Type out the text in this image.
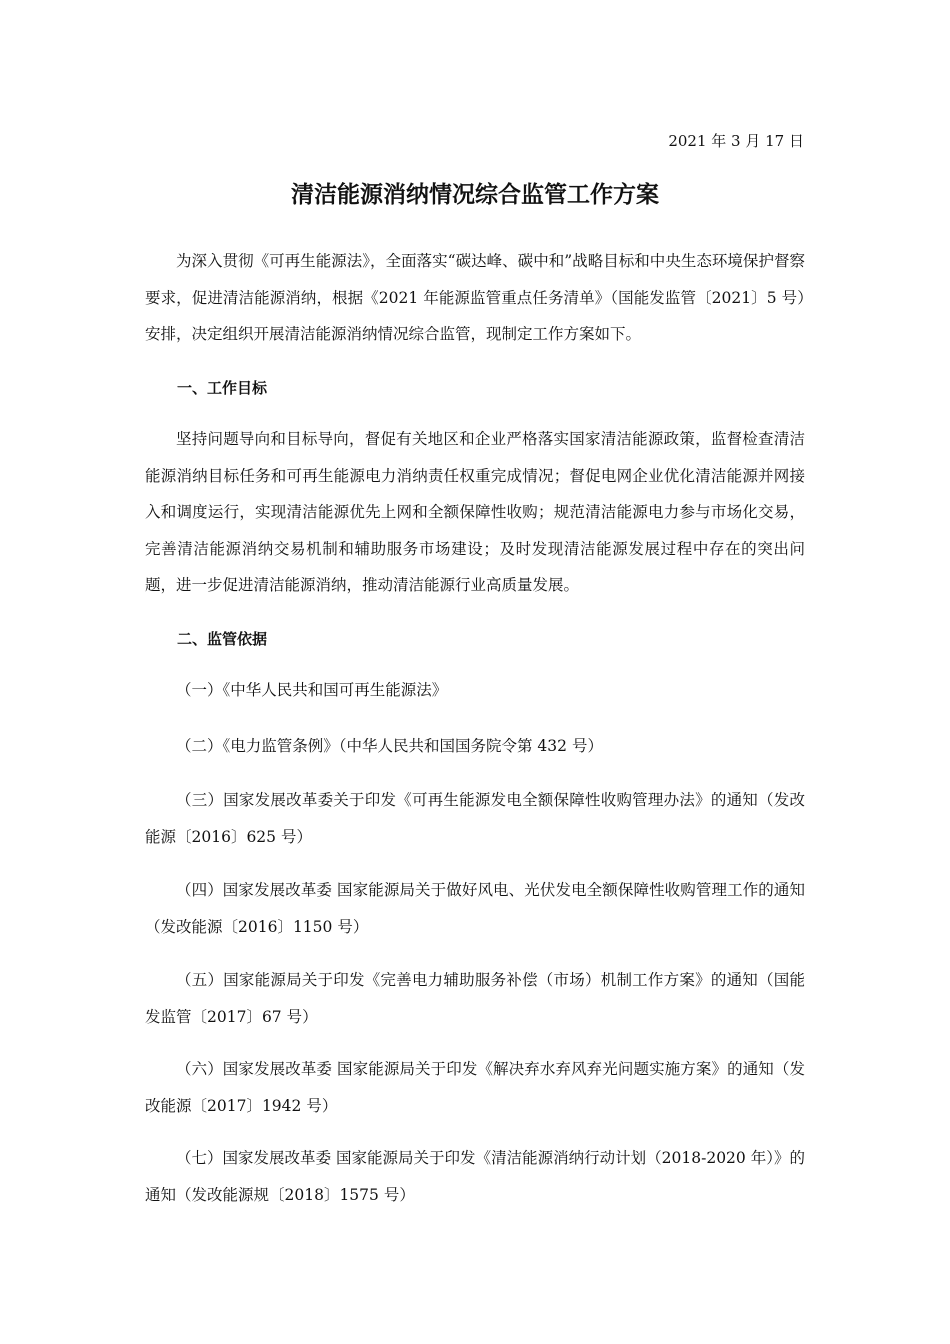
2021 年 3 月 17 日
清洁能源消纳情况综合监管工作方案

为深入贯彻《可再生能源法》，全面落实“碳达峰、碳中和”战略目标和中央生态环境保护督察要求，促进清洁能源消纳，根据《2021 年能源监管重点任务清单》（国能发监管〔2021〕5 号）安排，决定组织开展清洁能源消纳情况综合监管，现制定工作方案如下。

一、工作目标

坚持问题导向和目标导向，督促有关地区和企业严格落实国家清洁能源政策，监督检查清洁能源消纳目标任务和可再生能源电力消纳责任权重完成情况；督促电网企业优化清洁能源并网接入和调度运行，实现清洁能源优先上网和全额保障性收购；规范清洁能源电力参与市场化交易，完善清洁能源消纳交易机制和辅助服务市场建设；及时发现清洁能源发展过程中存在的突出问题，进一步促进清洁能源消纳，推动清洁能源行业高质量发展。

二、监管依据

（一）《中华人民共和国可再生能源法》

（二）《电力监管条例》（中华人民共和国国务院令第 432 号）

（三）国家发展改革委关于印发《可再生能源发电全额保障性收购管理办法》的通知（发改能源〔2016〕625 号）

（四）国家发展改革委 国家能源局关于做好风电、光伏发电全额保障性收购管理工作的通知（发改能源〔2016〕1150 号）

（五）国家能源局关于印发《完善电力辅助服务补偿（市场）机制工作方案》的通知（国能发监管〔2017〕67 号）

（六）国家发展改革委 国家能源局关于印发《解决弃水弃风弃光问题实施方案》的通知（发改能源〔2017〕1942 号）

（七）国家发展改革委 国家能源局关于印发《清洁能源消纳行动计划（2018-2020 年）》的通知（发改能源规〔2018〕1575 号）
